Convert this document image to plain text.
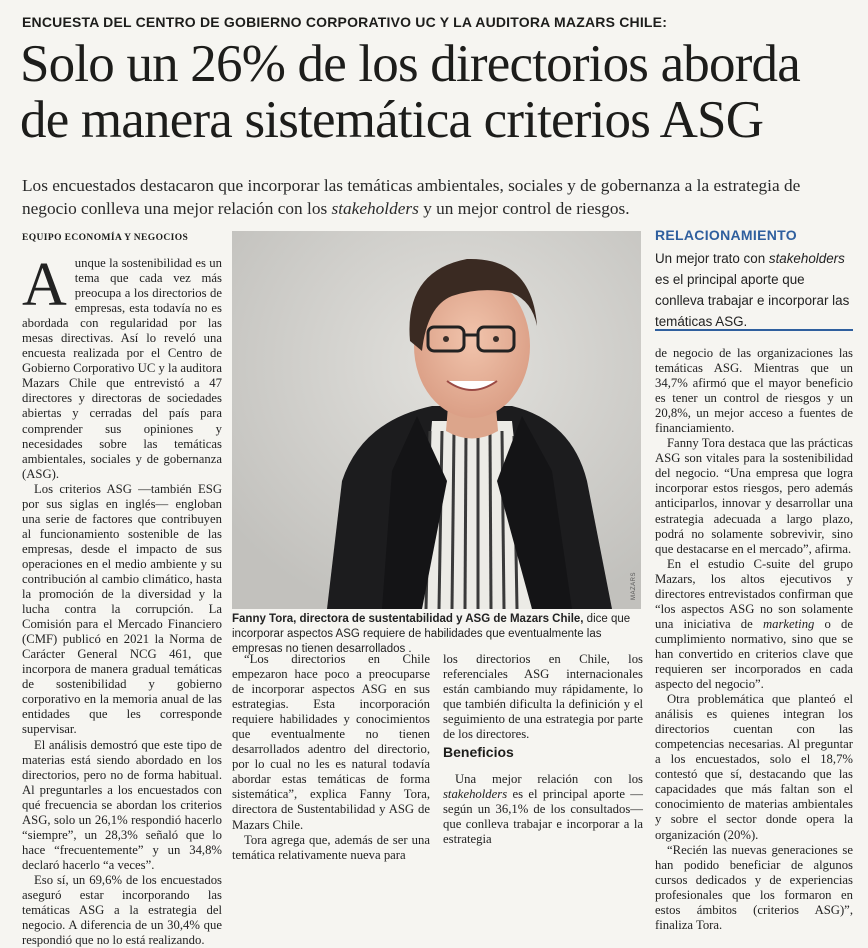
ENCUESTA DEL CENTRO DE GOBIERNO CORPORATIVO UC Y LA AUDITORA MAZARS CHILE:
Solo un 26% de los directorios aborda
de manera sistemática criterios ASG
Los encuestados destacaron que incorporar las temáticas ambientales, sociales y de gobernanza a la estrategia de negocio conlleva una mejor relación con los stakeholders y un mejor control de riesgos.
EQUIPO ECONOMÍA Y NEGOCIOS
A unque la sostenibilidad es un tema que cada vez más preocupa a los directorios de empresas, esta todavía no es abordada con regularidad por las mesas directivas. Así lo reveló una encuesta realizada por el Centro de Gobierno Corporativo UC y la auditora Mazars Chile que entrevistó a 47 directores y directoras de sociedades abiertas y cerradas del país para comprender sus opiniones y necesidades sobre las temáticas ambientales, sociales y de gobernanza (ASG).

Los criterios ASG —también ESG por sus siglas en inglés— engloban una serie de factores que contribuyen al funcionamiento sostenible de las empresas, desde el impacto de sus operaciones en el medio ambiente y su contribución al cambio climático, hasta la promoción de la diversidad y la lucha contra la corrupción. La Comisión para el Mercado Financiero (CMF) publicó en 2021 la Norma de Carácter General NCG 461, que incorpora de manera gradual temáticas de sostenibilidad y gobierno corporativo en la memoria anual de las entidades que les corresponde supervisar.

El análisis demostró que este tipo de materias está siendo abordado en los directorios, pero no de forma habitual. Al preguntarles a los encuestados con qué frecuencia se abordan los criterios ASG, solo un 26,1% respondió hacerlo “siempre”, un 28,3% señaló que lo hace “frecuentemente” y un 34,8% declaró hacerlo “a veces”.

Eso sí, un 69,6% de los encuestados aseguró estar incorporando las temáticas ASG a la estrategia del negocio. A diferencia de un 30,4% que respondió que no lo está realizando.

MAZARS
Fanny Tora, directora de sustentabilidad y ASG de Mazars Chile, dice que incorporar aspectos ASG requiere de habilidades que eventualmente las empresas no tienen desarrollados .

“Los directorios en Chile empezaron hace poco a preocuparse de incorporar aspectos ASG en sus estrategias. Esta incorporación requiere habilidades y conocimientos que eventualmente no tienen desarrollados adentro del directorio, por lo cual no les es natural todavía abordar estas temáticas de forma sistemática”, explica Fanny Tora, directora de Sustentabilidad y ASG de Mazars Chile.

Tora agrega que, además de ser una temática relativamente nueva para

los directorios en Chile, los referenciales ASG internacionales están cambiando muy rápidamente, lo que también dificulta la definición y el seguimiento de una estrategia por parte de los directores.

Beneficios

Una mejor relación con los stakeholders es el principal aporte —según un 36,1% de los consultados— que conlleva trabajar e incorporar a la estrategia

RELACIONAMIENTO
Un mejor trato con stakeholders es el principal aporte que conlleva trabajar e incorporar las temáticas ASG.

de negocio de las organizaciones las temáticas ASG. Mientras que un 34,7% afirmó que el mayor beneficio es tener un control de riesgos y un 20,8%, un mejor acceso a fuentes de financiamiento.

Fanny Tora destaca que las prácticas ASG son vitales para la sostenibilidad del negocio. “Una empresa que logra incorporar estos riesgos, pero además anticiparlos, innovar y desarrollar una estrategia adecuada a largo plazo, podrá no solamente sobrevivir, sino que destacarse en el mercado”, afirma.

En el estudio C-suite del grupo Mazars, los altos ejecutivos y directores entrevistados confirman que “los aspectos ASG no son solamente una iniciativa de marketing o de cumplimiento normativo, sino que se han convertido en criterios clave que requieren ser incorporados en cada aspecto del negocio”.

Otra problemática que planteó el análisis es quienes integran los directorios cuentan con las competencias necesarias. Al preguntar a los encuestados, solo el 18,7% contestó que sí, destacando que las capacidades que más faltan son el conocimiento de materias ambientales y sobre el sector donde opera la organización (20%).

“Recién las nuevas generaciones se han podido beneficiar de algunos cursos dedicados y de experiencias profesionales que los formaron en estos ámbitos (criterios ASG)”, finaliza Tora.
